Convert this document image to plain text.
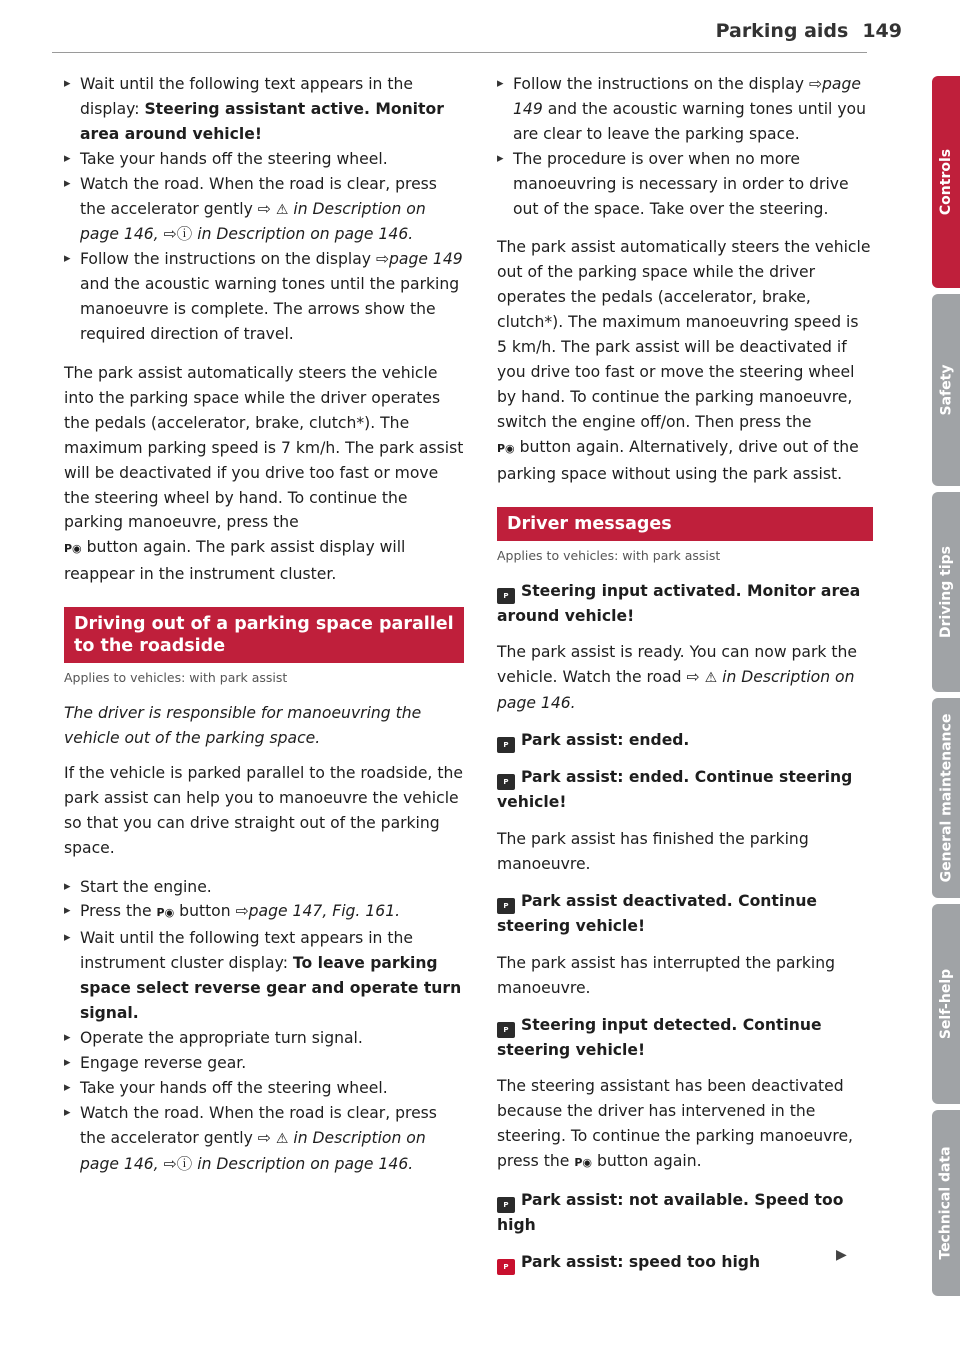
Parking aids 149
▸ Wait until the following text appears in the display: Steering assistant active. Monitor area around vehicle!
▸ Take your hands off the steering wheel.
▸ Watch the road. When the road is clear, press the accelerator gently ⇨ ⚠ in Description on page 146, ⇨ⓘ in Description on page 146.
▸ Follow the instructions on the display ⇨page 149 and the acoustic warning tones until the parking manoeuvre is complete. The arrows show the required direction of travel.

The park assist automatically steers the vehicle into the parking space while the driver operates the pedals (accelerator, brake, clutch*). The maximum parking speed is 7 km/h. The park assist will be deactivated if you drive too fast or move the steering wheel by hand. To continue the parking manoeuvre, press the
P◉ button again. The park assist display will reappear in the instrument cluster.

Driving out of a parking space parallel to the roadside
Applies to vehicles: with park assist

The driver is responsible for manoeuvring the vehicle out of the parking space.

If the vehicle is parked parallel to the roadside, the park assist can help you to manoeuvre the vehicle so that you can drive straight out of the parking space.

▸ Start the engine.
▸ Press the P◉ button ⇨page 147, Fig. 161.
▸ Wait until the following text appears in the instrument cluster display: To leave parking space select reverse gear and operate turn signal.
▸ Operate the appropriate turn signal.
▸ Engage reverse gear.
▸ Take your hands off the steering wheel.
▸ Watch the road. When the road is clear, press the accelerator gently ⇨ ⚠ in Description on page 146, ⇨ⓘ in Description on page 146.
▸ Follow the instructions on the display ⇨page 149 and the acoustic warning tones until you are clear to leave the parking space.
▸ The procedure is over when no more manoeuvring is necessary in order to drive out of the space. Take over the steering.

The park assist automatically steers the vehicle out of the parking space while the driver operates the pedals (accelerator, brake, clutch*). The maximum manoeuvring speed is 5 km/h. The park assist will be deactivated if you drive too fast or move the steering wheel by hand. To continue the parking manoeuvre, switch the engine off/on. Then press the
P◉ button again. Alternatively, drive out of the parking space without using the park assist.

Driver messages
Applies to vehicles: with park assist
P Steering input activated. Monitor area around vehicle!

The park assist is ready. You can now park the vehicle. Watch the road ⇨ ⚠ in Description on page 146.

P Park assist: ended.
P Park assist: ended. Continue steering vehicle!

The park assist has finished the parking manoeuvre.

P Park assist deactivated. Continue steering vehicle!

The park assist has interrupted the parking manoeuvre.

P Steering input detected. Continue steering vehicle!

The steering assistant has been deactivated because the driver has intervened in the steering. To continue the parking manoeuvre, press the P◉ button again.

P Park assist: not available. Speed too high
P Park assist: speed too high	▶
Controls
Safety
Driving tips
General maintenance
Self-help
Technical data
